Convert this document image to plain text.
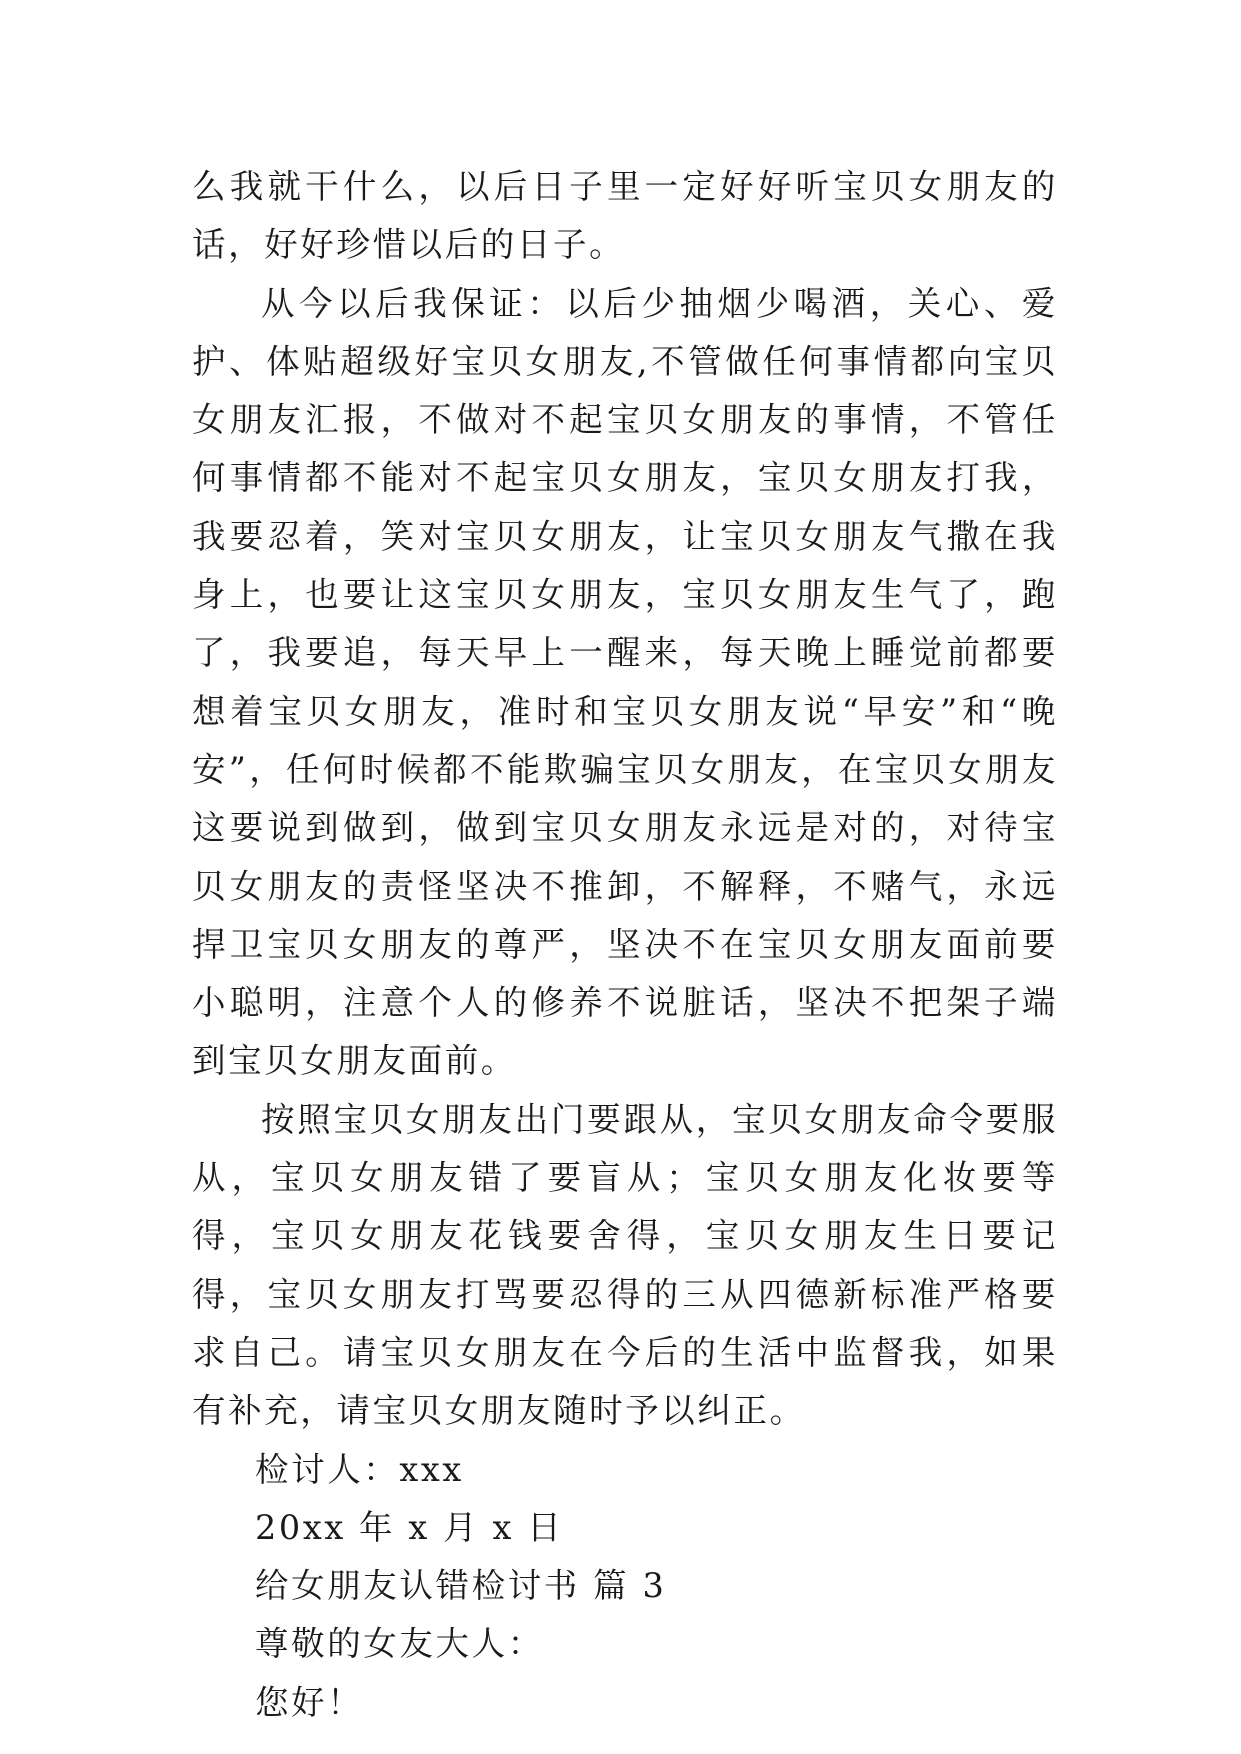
么我就干什么，以后日子里一定好好听宝贝女朋友的话，好好珍惜以后的日子。

从今以后我保证：以后少抽烟少喝酒，关心、爱护、体贴超级好宝贝女朋友,不管做任何事情都向宝贝女朋友汇报，不做对不起宝贝女朋友的事情，不管任何事情都不能对不起宝贝女朋友，宝贝女朋友打我，我要忍着，笑对宝贝女朋友，让宝贝女朋友气撒在我身上，也要让这宝贝女朋友，宝贝女朋友生气了，跑了，我要追，每天早上一醒来，每天晚上睡觉前都要想着宝贝女朋友，准时和宝贝女朋友说“早安”和“晚安”，任何时候都不能欺骗宝贝女朋友，在宝贝女朋友这要说到做到，做到宝贝女朋友永远是对的，对待宝贝女朋友的责怪坚决不推卸，不解释，不赌气，永远捍卫宝贝女朋友的尊严，坚决不在宝贝女朋友面前要小聪明，注意个人的修养不说脏话，坚决不把架子端到宝贝女朋友面前。

按照宝贝女朋友出门要跟从，宝贝女朋友命令要服从，宝贝女朋友错了要盲从；宝贝女朋友化妆要等得，宝贝女朋友花钱要舍得，宝贝女朋友生日要记得，宝贝女朋友打骂要忍得的三从四德新标准严格要求自己。请宝贝女朋友在今后的生活中监督我，如果有补充，请宝贝女朋友随时予以纠正。

检讨人：xxx

20xx 年 x 月 x 日

给女朋友认错检讨书 篇 3

尊敬的女友大人：

您好！
